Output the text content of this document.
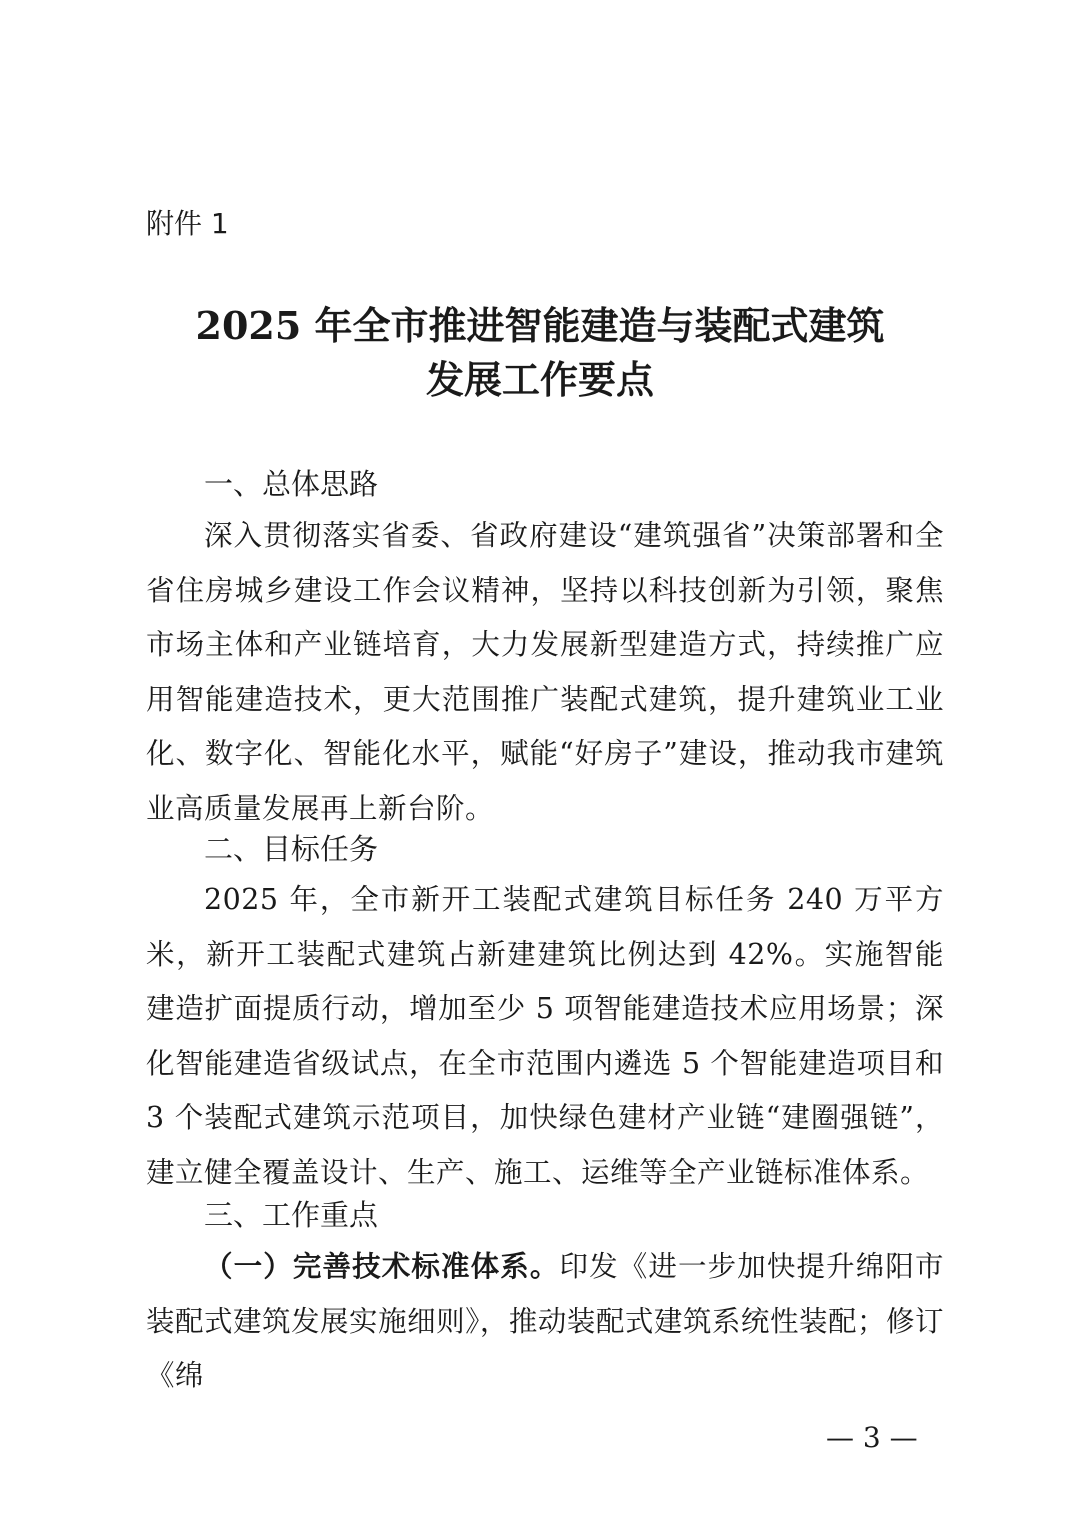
附件 1
2025 年全市推进智能建造与装配式建筑
发展工作要点
一、总体思路
深入贯彻落实省委、省政府建设“建筑强省”决策部署和全省住房城乡建设工作会议精神，坚持以科技创新为引领，聚焦市场主体和产业链培育，大力发展新型建造方式，持续推广应用智能建造技术，更大范围推广装配式建筑，提升建筑业工业化、数字化、智能化水平，赋能“好房子”建设，推动我市建筑业高质量发展再上新台阶。
二、目标任务
2025 年，全市新开工装配式建筑目标任务 240 万平方米，新开工装配式建筑占新建建筑比例达到 42%。实施智能建造扩面提质行动，增加至少 5 项智能建造技术应用场景；深化智能建造省级试点，在全市范围内遴选 5 个智能建造项目和 3 个装配式建筑示范项目，加快绿色建材产业链“建圈强链”，建立健全覆盖设计、生产、施工、运维等全产业链标准体系。
三、工作重点
（一）完善技术标准体系。印发《进一步加快提升绵阳市装配式建筑发展实施细则》，推动装配式建筑系统性装配；修订《绵
— 3 —
